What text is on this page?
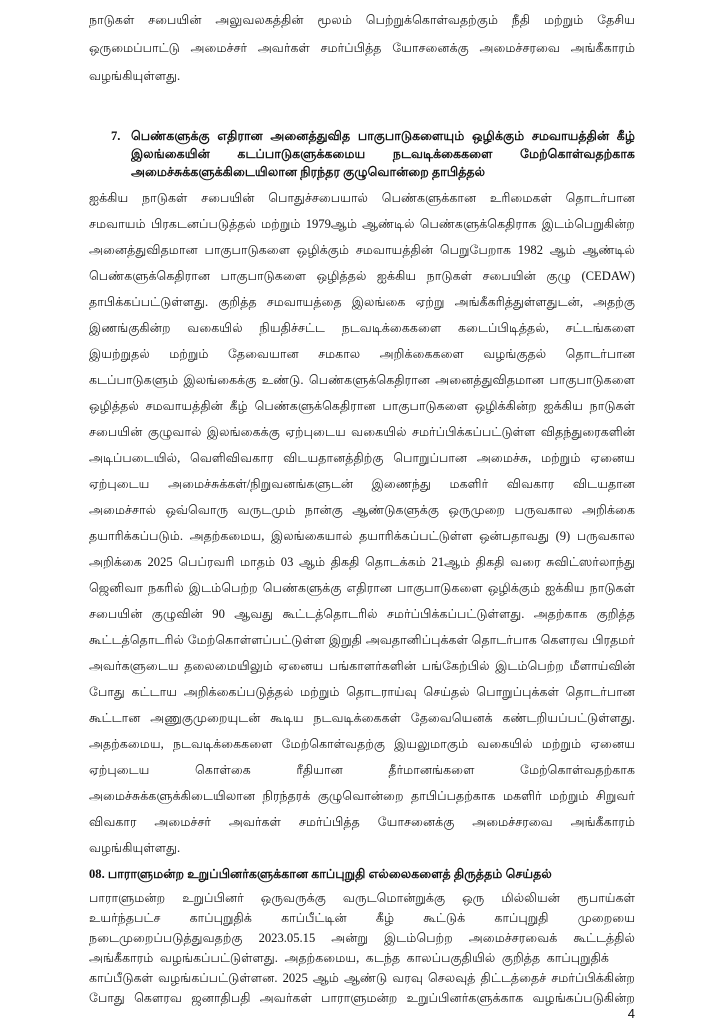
நாடுகள் சபையின் அலுவலகத்தின் மூலம் பெற்றுக்கொள்வதற்கும் நீதி மற்றும் தேசிய
ஒருமைப்பாட்டு அமைச்சர் அவர்கள் சமர்ப்பித்த யோசனைக்கு அமைச்சரவை அங்கீகாரம்
வழங்கியுள்ளது.
7. பெண்களுக்கு எதிரான அனைத்துவித பாகுபாடுகளையும் ஒழிக்கும் சமவாயத்தின் கீழ்
இலங்கையின் கடப்பாடுகளுக்கமைய நடவடிக்கைகளை மேற்கொள்வதற்காக
அமைச்சுக்களுக்கிடையிலான நிரந்தர குழுவொன்றை தாபித்தல்
ஐக்கிய நாடுகள் சபையின் பொதுச்சபையால் பெண்களுக்கான உரிமைகள் தொடர்பான
சமவாயம் பிரகடனப்படுத்தல் மற்றும் 1979ஆம் ஆண்டில் பெண்களுக்கெதிராக இடம்பெறுகின்ற
அனைத்துவிதமான பாகுபாடுகளை ஒழிக்கும் சமவாயத்தின் பெறுபேறாக 1982 ஆம் ஆண்டில்
பெண்களுக்கெதிரான பாகுபாடுகளை ஒழித்தல் ஐக்கிய நாடுகள் சபையின் குழு (CEDAW)
தாபிக்கப்பட்டுள்ளது. குறித்த சமவாயத்தை இலங்கை ஏற்று அங்கீகரித்துள்ளதுடன், அதற்கு
இணங்குகின்ற வகையில் நியதிச்சட்ட நடவடிக்கைகளை கடைப்பிடித்தல், சட்டங்களை
இயற்றுதல் மற்றும் தேவையான சமகால அறிக்கைகளை வழங்குதல் தொடர்பான
கடப்பாடுகளும் இலங்கைக்கு உண்டு. பெண்களுக்கெதிரான அனைத்துவிதமான பாகுபாடுகளை
ஒழித்தல் சமவாயத்தின் கீழ் பெண்களுக்கெதிரான பாகுபாடுகளை ஒழிக்கின்ற ஐக்கிய நாடுகள்
சபையின் குழுவால் இலங்கைக்கு ஏற்புடைய வகையில் சமர்ப்பிக்கப்பட்டுள்ள விதந்துரைகளின்
அடிப்படையில், வெளிவிவகார விடயதானத்திற்கு பொறுப்பான அமைச்சு, மற்றும் ஏனைய
ஏற்புடைய அமைச்சுக்கள்/நிறுவனங்களுடன் இணைந்து மகளிர் விவகார விடயதான
அமைச்சால் ஒவ்வொரு வருடமும் நான்கு ஆண்டுகளுக்கு ஒருமுறை பருவகால அறிக்கை
தயாரிக்கப்படும். அதற்கமைய, இலங்கையால் தயாரிக்கப்பட்டுள்ள ஒன்பதாவது (9) பருவகால
அறிக்கை 2025 பெப்ரவரி மாதம் 03 ஆம் திகதி தொடக்கம் 21ஆம் திகதி வரை சுவிட்ஸர்லாந்து
ஜெனிவா நகரில் இடம்பெற்ற பெண்களுக்கு எதிரான பாகுபாடுகளை ஒழிக்கும் ஐக்கிய நாடுகள்
சபையின் குழுவின் 90 ஆவது கூட்டத்தொடரில் சமர்ப்பிக்கப்பட்டுள்ளது. அதற்காக குறித்த
கூட்டத்தொடரில் மேற்கொள்ளப்பட்டுள்ள இறுதி அவதானிப்புக்கள் தொடர்பாக கௌரவ பிரதமர்
அவர்களுடைய தலைமையிலும் ஏனைய பங்காளர்களின் பங்கேற்பில் இடம்பெற்ற மீளாய்வின்
போது கட்டாய அறிக்கைப்படுத்தல் மற்றும் தொடராய்வு செய்தல் பொறுப்புக்கள் தொடர்பான
கூட்டான அணுகுமுறையுடன் கூடிய நடவடிக்கைகள் தேவையெனக் கண்டறியப்பட்டுள்ளது.
அதற்கமைய, நடவடிக்கைகளை மேற்கொள்வதற்கு இயலுமாகும் வகையில் மற்றும் ஏனைய
ஏற்புடைய கொள்கை ரீதியான தீர்மானங்களை மேற்கொள்வதற்காக
அமைச்சுக்களுக்கிடையிலான நிரந்தரக் குழுவொன்றை தாபிப்பதற்காக மகளிர் மற்றும் சிறுவர்
விவகார அமைச்சர் அவர்கள் சமர்ப்பித்த யோசனைக்கு அமைச்சரவை அங்கீகாரம்
வழங்கியுள்ளது.
08. பாராளுமன்ற உறுப்பினர்களுக்கான காப்புறுதி எல்லைகளைத் திருத்தம் செய்தல்
பாராளுமன்ற உறுப்பினர் ஒருவருக்கு வருடமொன்றுக்கு ஒரு மில்லியன் ரூபாய்கள்
உயர்ந்தபட்ச காப்புறுதிக் காப்பீட்டின் கீழ் கூட்டுக் காப்புறுதி முறையை
நடைமுறைப்படுத்துவதற்கு 2023.05.15 அன்று இடம்பெற்ற அமைச்சரவைக் கூட்டத்தில்
அங்கீகாரம் வழங்கப்பட்டுள்ளது. அதற்கமைய, கடந்த காலப்பகுதியில் குறித்த காப்புறுதிக்
காப்பீடுகள் வழங்கப்பட்டுள்ளன. 2025 ஆம் ஆண்டு வரவு செலவுத் திட்டத்தைச் சமர்ப்பிக்கின்ற
போது கௌரவ ஜனாதிபதி அவர்கள் பாராளுமன்ற உறுப்பினர்களுக்காக வழங்கப்படுகின்ற
4
